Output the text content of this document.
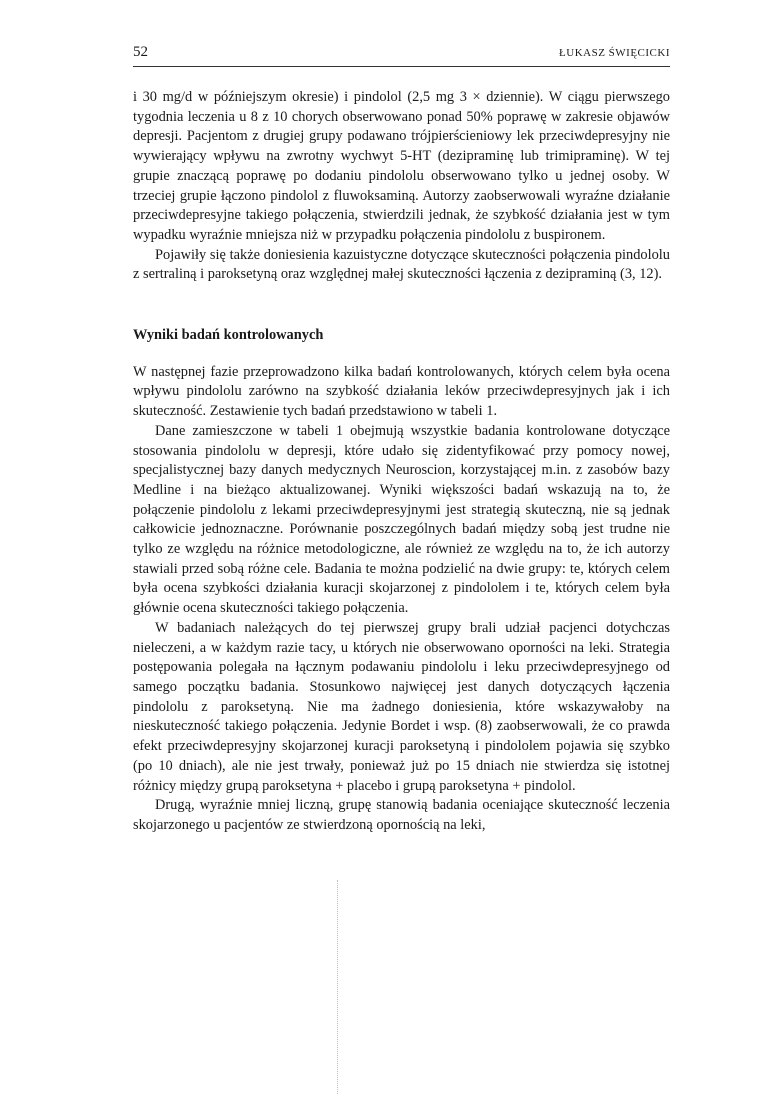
52	ŁUKASZ ŚWIĘCICKI

i 30 mg/d w późniejszym okresie) i pindolol (2,5 mg 3 × dziennie). W ciągu pierwszego tygodnia leczenia u 8 z 10 chorych obserwowano ponad 50% poprawę w zakresie objawów depresji. Pacjentom z drugiej grupy podawano trójpierścieniowy lek przeciwdepresyjny nie wywierający wpływu na zwrotny wychwyt 5-HT (dezipraminę lub trimipraminę). W tej grupie znaczącą poprawę po dodaniu pindololu obserwowano tylko u jednej osoby. W trzeciej grupie łączono pindolol z fluwoksaminą. Autorzy zaobserwowali wyraźne działanie przeciwdepresyjne takiego połączenia, stwierdzili jednak, że szybkość działania jest w tym wypadku wyraźnie mniejsza niż w przypadku połączenia pindololu z buspironem.

Pojawiły się także doniesienia kazuistyczne dotyczące skuteczności połączenia pindololu z sertraliną i paroksetyną oraz względnej małej skuteczności łączenia z dezipraminą (3, 12).

Wyniki badań kontrolowanych

W następnej fazie przeprowadzono kilka badań kontrolowanych, których celem była ocena wpływu pindololu zarówno na szybkość działania leków przeciwdepresyjnych jak i ich skuteczność. Zestawienie tych badań przedstawiono w tabeli 1.

Dane zamieszczone w tabeli 1 obejmują wszystkie badania kontrolowane dotyczące stosowania pindololu w depresji, które udało się zidentyfikować przy pomocy nowej, specjalistycznej bazy danych medycznych Neuroscion, korzystającej m.in. z zasobów bazy Medline i na bieżąco aktualizowanej. Wyniki większości badań wskazują na to, że połączenie pindololu z lekami przeciwdepresyjnymi jest strategią skuteczną, nie są jednak całkowicie jednoznaczne. Porównanie poszczególnych badań między sobą jest trudne nie tylko ze względu na różnice metodologiczne, ale również ze względu na to, że ich autorzy stawiali przed sobą różne cele. Badania te można podzielić na dwie grupy: te, których celem była ocena szybkości działania kuracji skojarzonej z pindololem i te, których celem była głównie ocena skuteczności takiego połączenia.

W badaniach należących do tej pierwszej grupy brali udział pacjenci dotychczas nieleczeni, a w każdym razie tacy, u których nie obserwowano oporności na leki. Strategia postępowania polegała na łącznym podawaniu pindololu i leku przeciwdepresyjnego od samego początku badania. Stosunkowo najwięcej jest danych dotyczących łączenia pindololu z paroksetyną. Nie ma żadnego doniesienia, które wskazywałoby na nieskuteczność takiego połączenia. Jedynie Bordet i wsp. (8) zaobserwowali, że co prawda efekt przeciwdepresyjny skojarzonej kuracji paroksetyną i pindololem pojawia się szybko (po 10 dniach), ale nie jest trwały, ponieważ już po 15 dniach nie stwierdza się istotnej różnicy między grupą paroksetyna + placebo i grupą paroksetyna + pindolol.

Drugą, wyraźnie mniej liczną, grupę stanowią badania oceniające skuteczność leczenia skojarzonego u pacjentów ze stwierdzoną opornością na leki,
